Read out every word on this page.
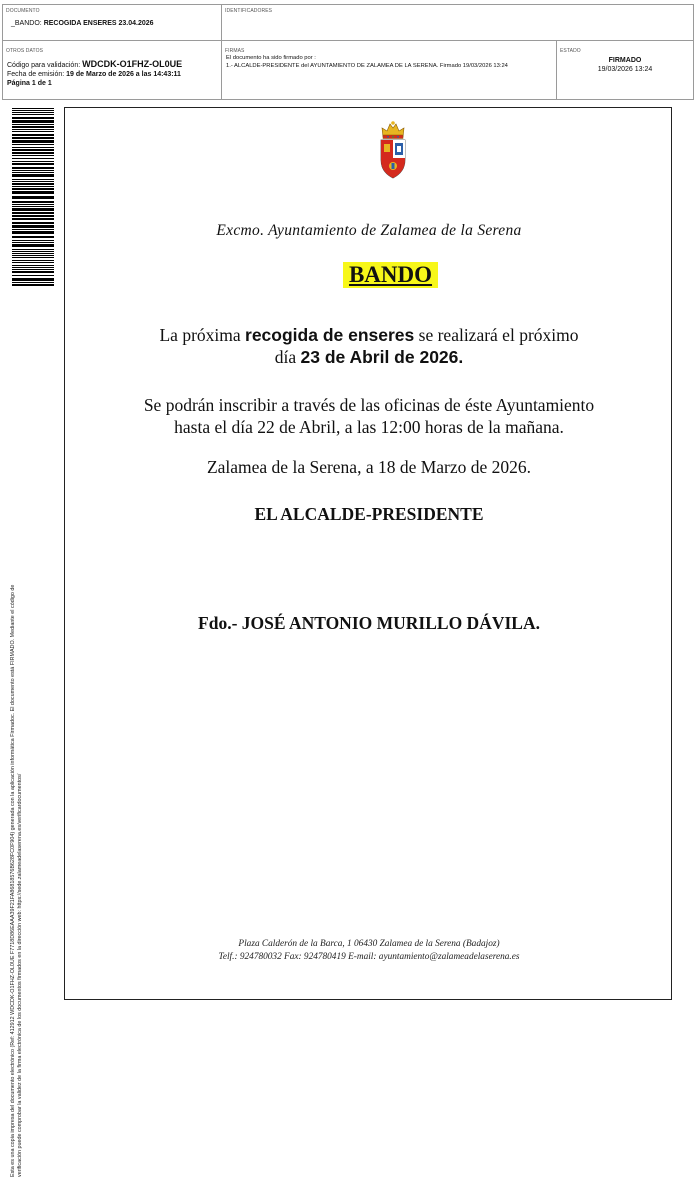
DOCUMENTO
_BANDO: RECOGIDA ENSERES 23.04.2026
IDENTIFICADORES
OTROS DATOS
Código para validación: WDCDK-O1FHZ-OL0UE
Fecha de emisión: 19 de Marzo de 2026 a las 14:43:11
Página 1 de 1
FIRMAS
El documento ha sido firmado por :
1.- ALCALDE-PRESIDENTE del AYUNTAMIENTO DE ZALAMEA DE LA SERENA. Firmado 19/03/2026 13:24
ESTADO
FIRMADO
19/03/2026 13:24
Esta es una copia impresa del documento electrónico (Ref: 412912 WDCDK-O1FHZ-OL0UE F7718D86EAAA39F21FA86818576B628FC0F904) generada con la aplicación informática Firmadoc. El documento está FIRMADO. Mediante el código de verificación puede comprobar la validez de la firma electrónica de los documentos firmados en la dirección web: https://sede.zalameadelaserena.es/verificardocumentos/
Excmo. Ayuntamiento de Zalamea de la Serena
BANDO
La próxima recogida de enseres se realizará el próximo
día 23 de Abril de 2026.
Se podrán inscribir a través de las oficinas de éste Ayuntamiento
hasta el día 22 de Abril, a las 12:00 horas de la mañana.
Zalamea de la Serena, a 18 de Marzo de 2026.
EL ALCALDE-PRESIDENTE
Fdo.- JOSÉ ANTONIO MURILLO DÁVILA.
Plaza Calderón de la Barca, 1 06430 Zalamea de la Serena (Badajoz)
Telf.: 924780032 Fax: 924780419 E-mail: ayuntamiento@zalameadelaserena.es
